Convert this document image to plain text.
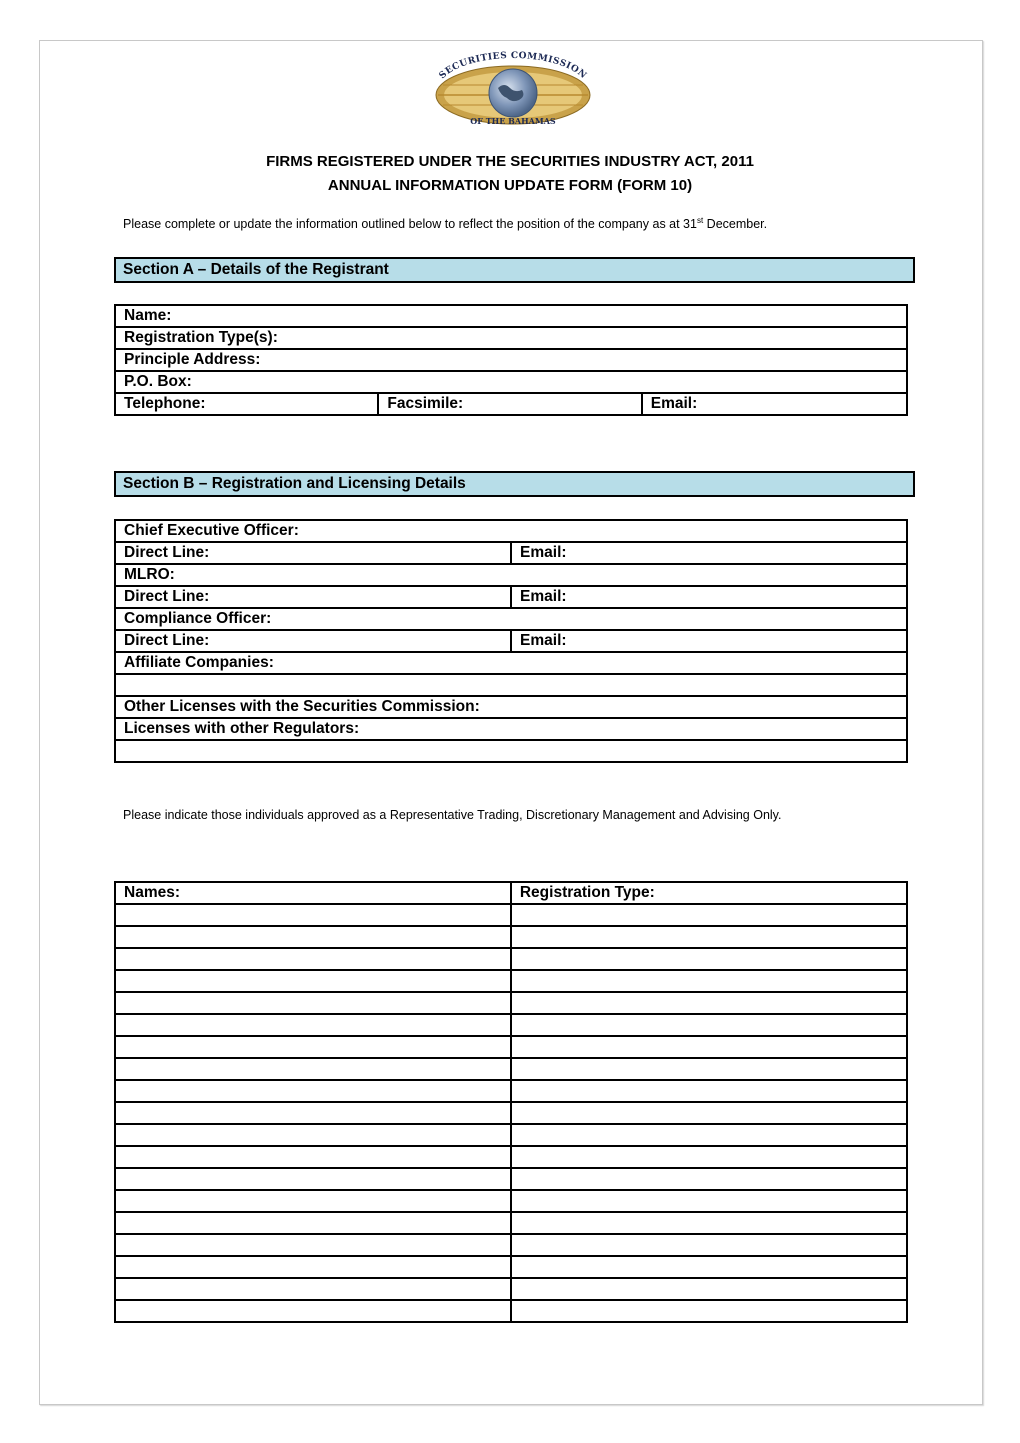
SECURITIES COMMISSION
OF THE BAHAMAS
FIRMS REGISTERED UNDER THE SECURITIES INDUSTRY ACT, 2011
ANNUAL INFORMATION UPDATE FORM (FORM 10)
Please complete or update the information outlined below to reflect the position of the company as at 31st December.
Section A – Details of the Registrant
Name:
Registration Type(s):
Principle Address:
P.O. Box:
Telephone:	Facsimile:	Email:
Section B – Registration and Licensing Details
Chief Executive Officer:	
Direct Line:	Email:
MLRO:	
Direct Line:	Email:
Compliance Officer:	
Direct Line:	Email:
Affiliate Companies:	

Other Licenses with the Securities Commission:	
Licenses with other Regulators:	

Please indicate those individuals approved as a Representative Trading, Discretionary Management and Advising Only.
Names:	Registration Type:
